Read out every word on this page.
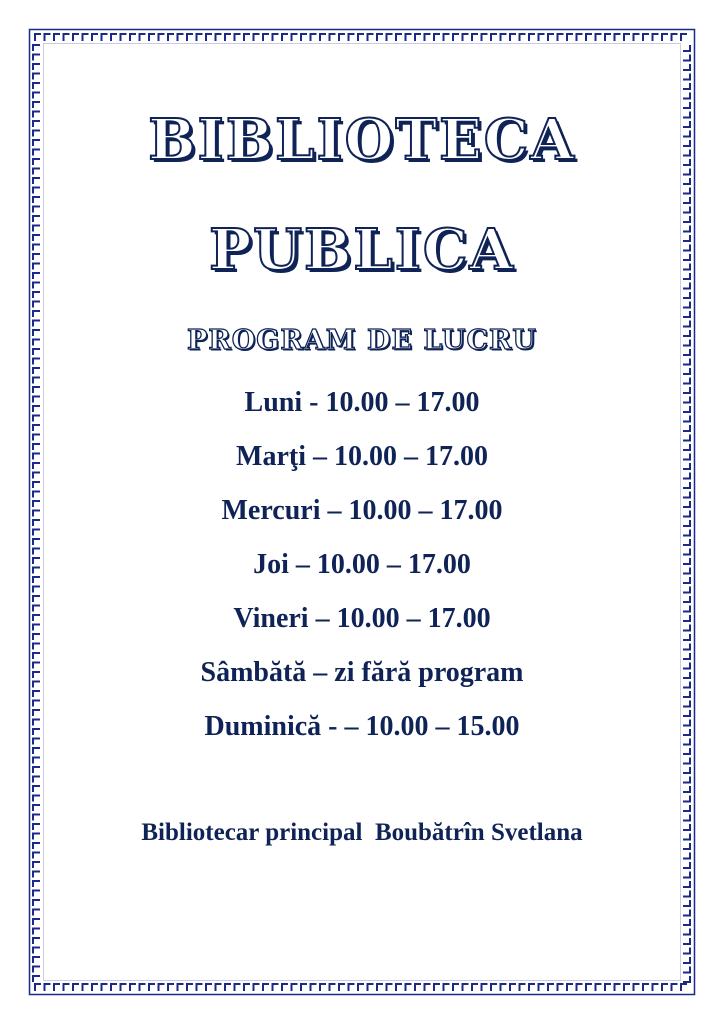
BIBLIOTECA
PUBLICA
PROGRAM DE LUCRU
Luni - 10.00 – 17.00
Marţi – 10.00 – 17.00
Mercuri – 10.00 – 17.00
Joi – 10.00 – 17.00
Vineri – 10.00 – 17.00
Sâmbătă – zi fără program
Duminică - – 10.00 – 15.00
Bibliotecar principal  Boubătrîn Svetlana
